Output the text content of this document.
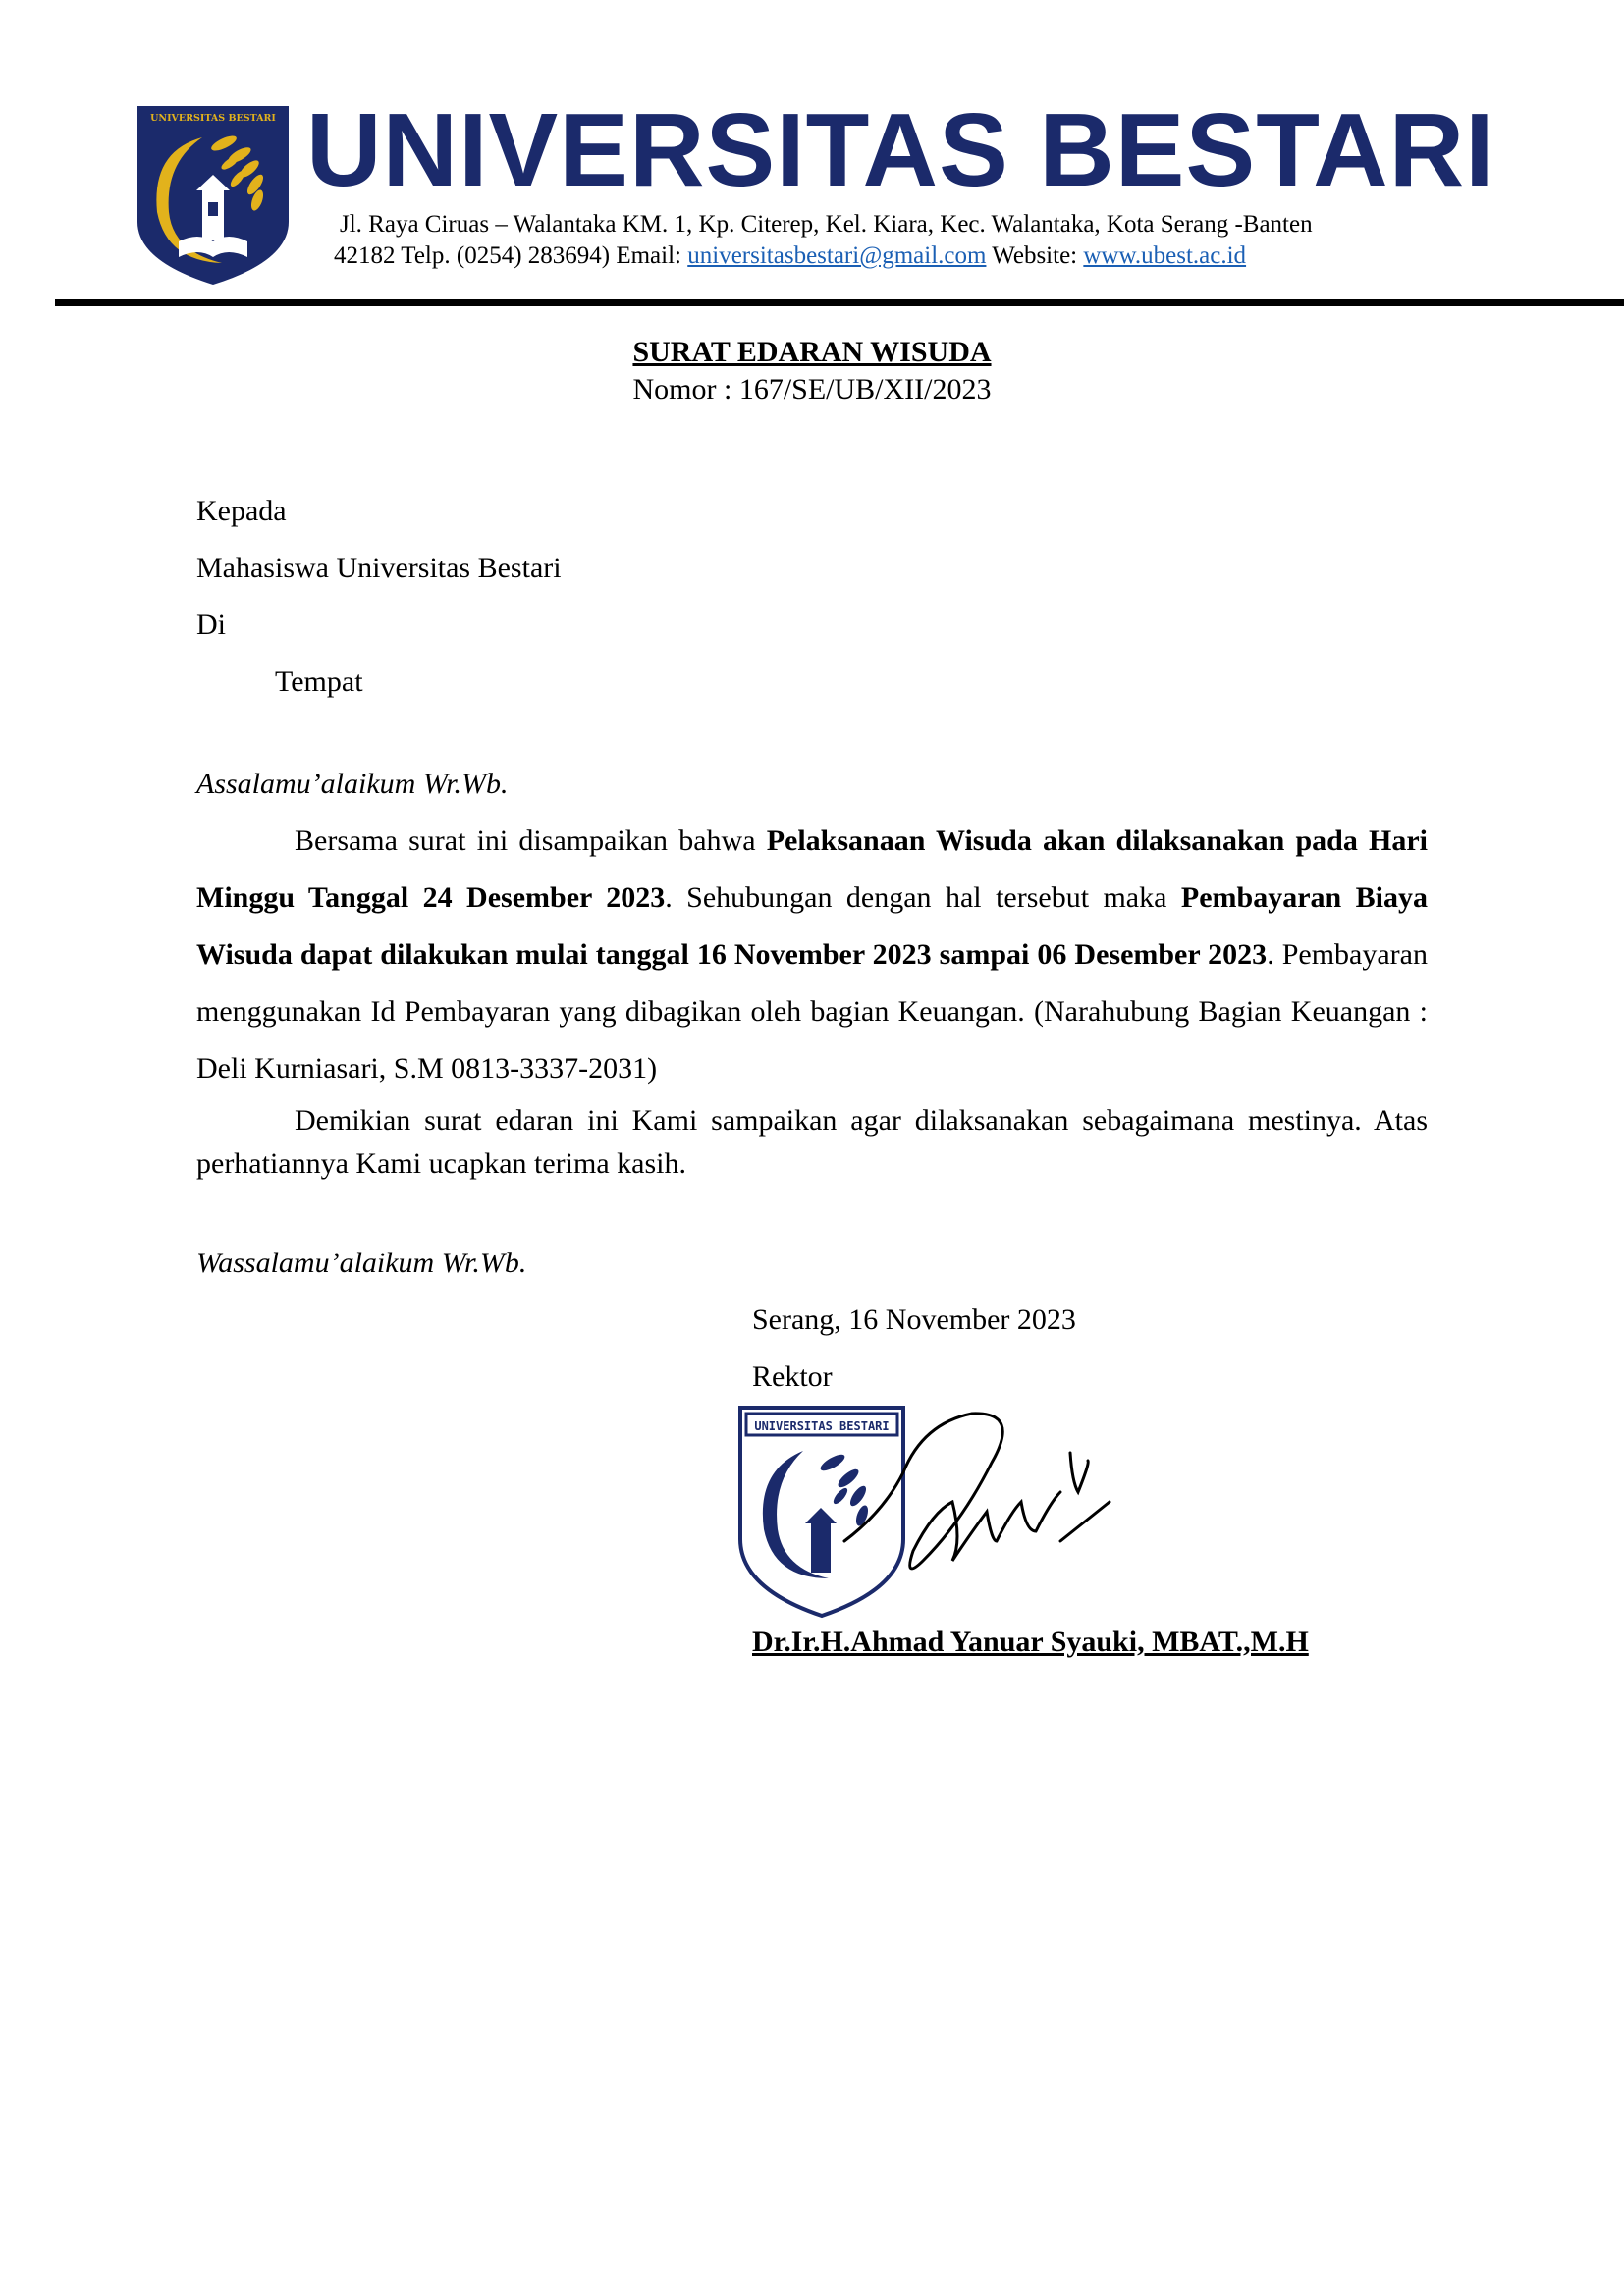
UNIVERSITAS BESTARI UNIVERSITAS BESTARI
Jl. Raya Ciruas – Walantaka KM. 1, Kp. Citerep, Kel. Kiara, Kec. Walantaka, Kota Serang -Banten
42182 Telp. (0254) 283694) Email: universitasbestari@gmail.com Website: www.ubest.ac.id
SURAT EDARAN WISUDA
Nomor : 167/SE/UB/XII/2023
Kepada
Mahasiswa Universitas Bestari
Di
Tempat
Assalamu’alaikum Wr.Wb.

Bersama surat ini disampaikan bahwa Pelaksanaan Wisuda akan dilaksanakan pada Hari Minggu Tanggal 24 Desember 2023. Sehubungan dengan hal tersebut maka Pembayaran Biaya Wisuda dapat dilakukan mulai tanggal 16 November 2023 sampai 06 Desember 2023. Pembayaran menggunakan Id Pembayaran yang dibagikan oleh bagian Keuangan. (Narahubung Bagian Keuangan : Deli Kurniasari, S.M 0813-3337-2031)

Demikian surat edaran ini Kami sampaikan agar dilaksanakan sebagaimana mestinya. Atas perhatiannya Kami ucapkan terima kasih.

Wassalamu’alaikum Wr.Wb.
Serang, 16 November 2023
Rektor
UNIVERSITAS BESTARI
Dr.Ir.H.Ahmad Yanuar Syauki, MBAT.,M.H
